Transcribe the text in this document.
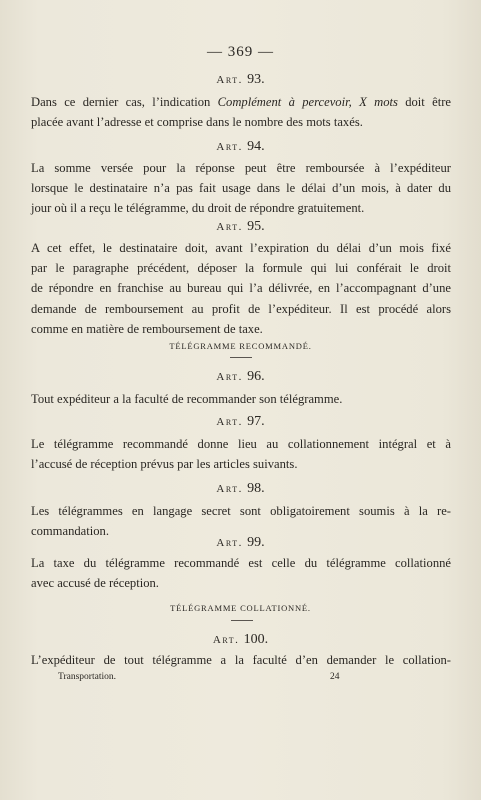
— 369 —
Art. 93.
Dans ce dernier cas, l’indication Complément à percevoir, X mots doit être
placée avant l’adresse et comprise dans le nombre des mots taxés.
Art. 94.
La somme versée pour la réponse peut être remboursée à l’expéditeur
lorsque le destinataire n’a pas fait usage dans le délai d’un mois, à dater du
jour où il a reçu le télégramme, du droit de répondre gratuitement.
Art. 95.
A cet effet, le destinataire doit, avant l’expiration du délai d’un mois fixé
par le paragraphe précédent, déposer la formule qui lui conférait le droit
de répondre en franchise au bureau qui l’a délivrée, en l’accompagnant d’une
demande de remboursement au profit de l’expéditeur. Il est procédé alors
comme en matière de remboursement de taxe.
TÉLÉGRAMME RECOMMANDÉ.
Art. 96.
Tout expéditeur a la faculté de recommander son télégramme.
Art. 97.
Le télégramme recommandé donne lieu au collationnement intégral et à
l’accusé de réception prévus par les articles suivants.
Art. 98.
Les télégrammes en langage secret sont obligatoirement soumis à la re-
commandation.
Art. 99.
La taxe du télégramme recommandé est celle du télégramme collationné
avec accusé de réception.
TÉLÉGRAMME COLLATIONNÉ.
Art. 100.
L’expéditeur de tout télégramme a la faculté d’en demander le collation-
Transportation.	24
